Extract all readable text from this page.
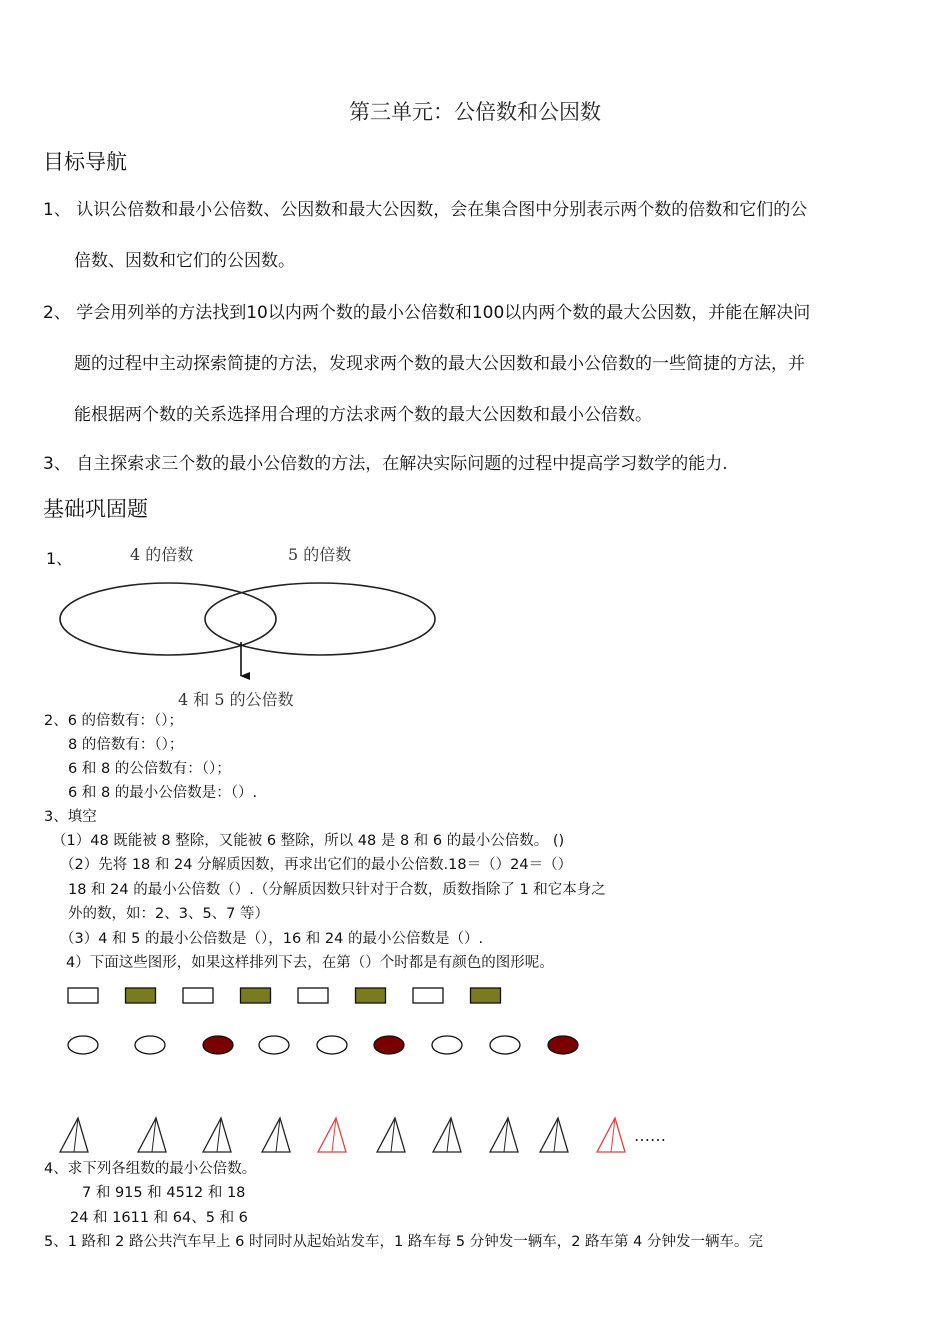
第三单元：公倍数和公因数
目标导航
1、 认识公倍数和最小公倍数、公因数和最大公因数，会在集合图中分别表示两个数的倍数和它们的公
倍数、因数和它们的公因数。
2、 学会用列举的方法找到10以内两个数的最小公倍数和100以内两个数的最大公因数，并能在解决问
题的过程中主动探索简捷的方法，发现求两个数的最大公因数和最小公倍数的一些简捷的方法，并
能根据两个数的关系选择用合理的方法求两个数的最大公因数和最小公倍数。
3、 自主探索求三个数的最小公倍数的方法，在解决实际问题的过程中提高学习数学的能力.
基础巩固题
1、	4 的倍数	5 的倍数
4 和 5 的公倍数
2、6 的倍数有：（）；
8 的倍数有：（）；
6 和 8 的公倍数有：（）；
6 和 8 的最小公倍数是：（）.
3、填空
（1）48 既能被 8 整除，又能被 6 整除，所以 48 是 8 和 6 的最小公倍数。 ()
（2）先将 18 和 24 分解质因数，再求出它们的最小公倍数.18＝（）24＝（）
18 和 24 的最小公倍数（）.（分解质因数只针对于合数，质数指除了 1 和它本身之
外的数，如：2、3、5、7 等）
（3）4 和 5 的最小公倍数是（），16 和 24 的最小公倍数是（）.
4）下面这些图形，如果这样排列下去，在第（）个时都是有颜色的图形呢。
……
4、求下列各组数的最小公倍数。
7 和 915 和 4512 和 18
24 和 1611 和 64、5 和 6
5、1 路和 2 路公共汽车早上 6 时同时从起始站发车，1 路车每 5 分钟发一辆车，2 路车第 4 分钟发一辆车。完
